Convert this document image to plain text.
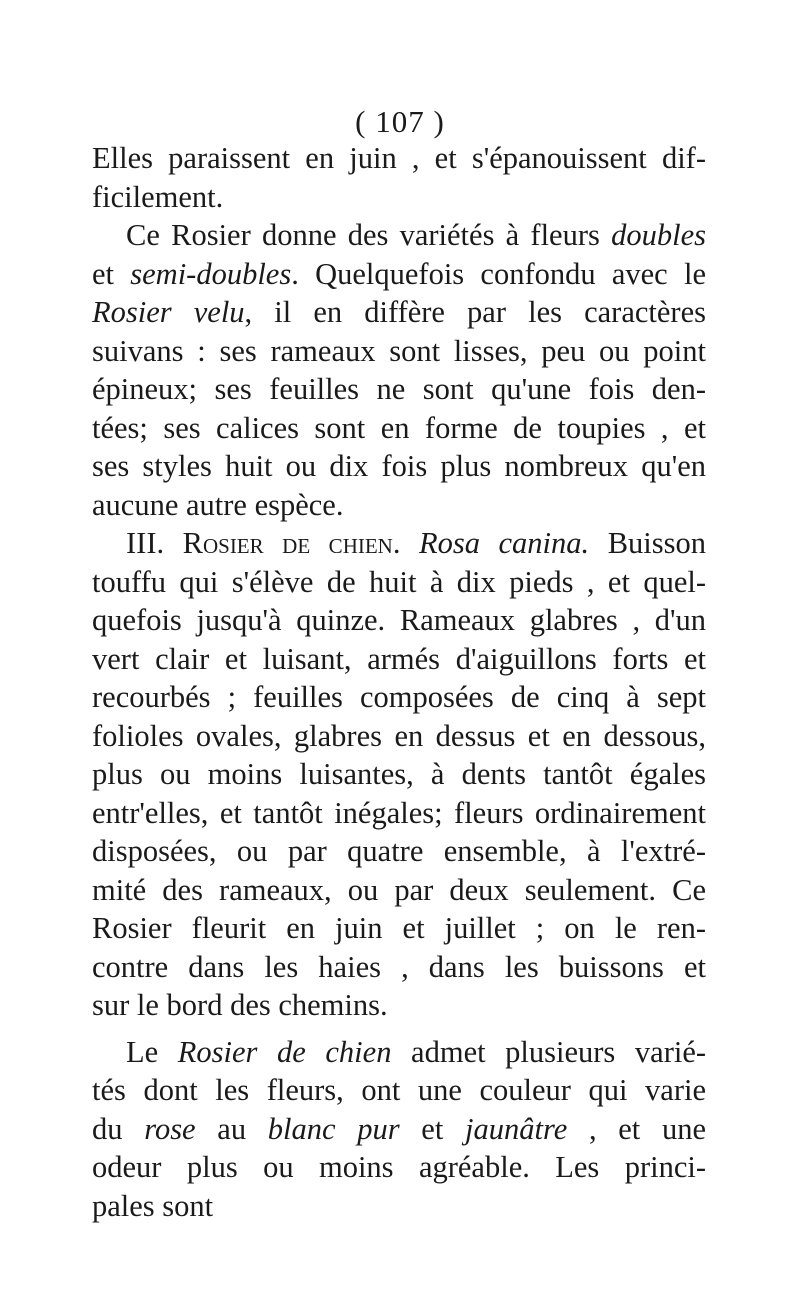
( 107 )
Elles paraissent en juin , et s'épanouissent dif-
ficilement.
Ce Rosier donne des variétés à fleurs doubles
et semi-doubles. Quelquefois confondu avec le
Rosier velu, il en diffère par les caractères
suivans : ses rameaux sont lisses, peu ou point
épineux; ses feuilles ne sont qu'une fois den-
tées; ses calices sont en forme de toupies , et
ses styles huit ou dix fois plus nombreux qu'en
aucune autre espèce.
III. Rosier de chien. Rosa canina. Buisson
touffu qui s'élève de huit à dix pieds , et quel-
quefois jusqu'à quinze. Rameaux glabres , d'un
vert clair et luisant, armés d'aiguillons forts et
recourbés ; feuilles composées de cinq à sept
folioles ovales, glabres en dessus et en dessous,
plus ou moins luisantes, à dents tantôt égales
entr'elles, et tantôt inégales; fleurs ordinairement
disposées, ou par quatre ensemble, à l'extré-
mité des rameaux, ou par deux seulement. Ce
Rosier fleurit en juin et juillet ; on le ren-
contre dans les haies , dans les buissons et
sur le bord des chemins.
Le Rosier de chien admet plusieurs varié-
tés dont les fleurs, ont une couleur qui varie
du rose au blanc pur et jaunâtre , et une
odeur plus ou moins agréable. Les princi-
pales sont
